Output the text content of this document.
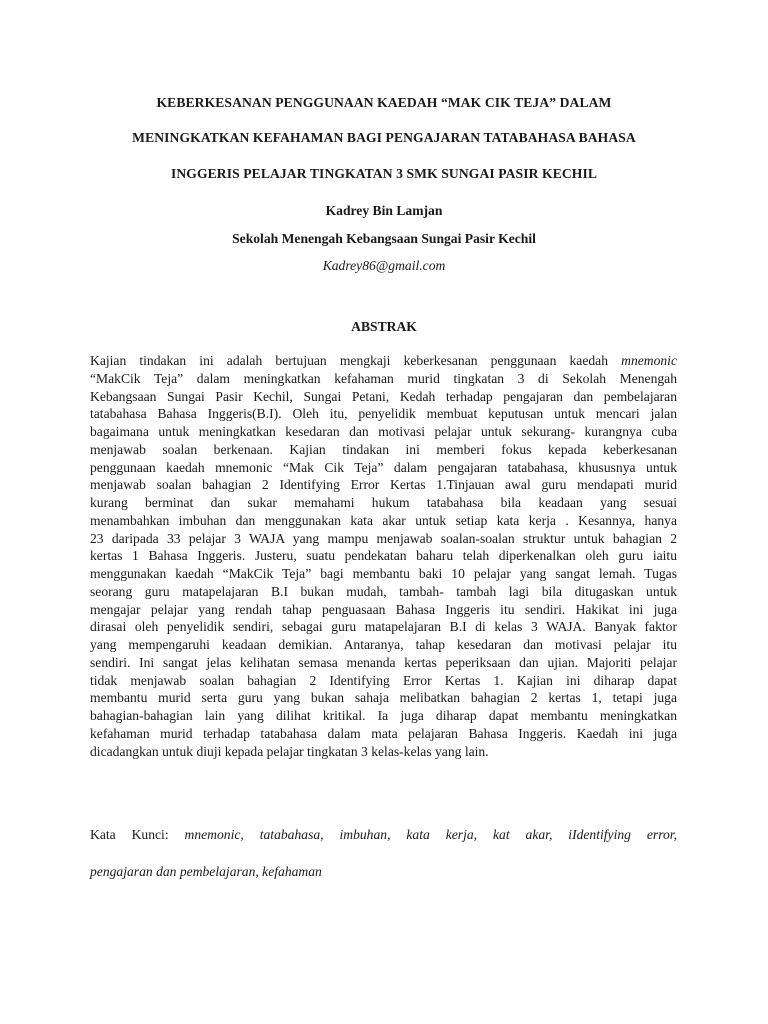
KEBERKESANAN PENGGUNAAN KAEDAH “MAK CIK TEJA” DALAM
MENINGKATKAN KEFAHAMAN BAGI PENGAJARAN TATABAHASA BAHASA
INGGERIS PELAJAR TINGKATAN 3 SMK SUNGAI PASIR KECHIL
Kadrey Bin Lamjan
Sekolah Menengah Kebangsaan Sungai Pasir Kechil
Kadrey86@gmail.com
ABSTRAK
Kajian tindakan ini adalah bertujuan mengkaji keberkesanan penggunaan kaedah mnemonic
“MakCik Teja” dalam meningkatkan kefahaman murid tingkatan 3 di Sekolah Menengah
Kebangsaan Sungai Pasir Kechil, Sungai Petani, Kedah terhadap pengajaran dan pembelajaran
tatabahasa Bahasa Inggeris(B.I). Oleh itu, penyelidik membuat keputusan untuk mencari jalan
bagaimana untuk meningkatkan kesedaran dan motivasi pelajar untuk sekurang- kurangnya cuba
menjawab soalan berkenaan. Kajian tindakan ini memberi fokus kepada keberkesanan
penggunaan kaedah mnemonic “Mak Cik Teja” dalam pengajaran tatabahasa, khususnya untuk
menjawab soalan bahagian 2 Identifying Error Kertas 1.Tinjauan awal guru mendapati murid
kurang berminat dan sukar memahami hukum tatabahasa bila keadaan yang sesuai
menambahkan imbuhan dan menggunakan kata akar untuk setiap kata kerja . Kesannya, hanya
23 daripada 33 pelajar 3 WAJA yang mampu menjawab soalan-soalan struktur untuk bahagian 2
kertas 1 Bahasa Inggeris. Justeru, suatu pendekatan baharu telah diperkenalkan oleh guru iaitu
menggunakan kaedah “MakCik Teja” bagi membantu baki 10 pelajar yang sangat lemah. Tugas
seorang guru matapelajaran B.I bukan mudah, tambah- tambah lagi bila ditugaskan untuk
mengajar pelajar yang rendah tahap penguasaan Bahasa Inggeris itu sendiri. Hakikat ini juga
dirasai oleh penyelidik sendiri, sebagai guru matapelajaran B.I di kelas 3 WAJA. Banyak faktor
yang mempengaruhi keadaan demikian. Antaranya, tahap kesedaran dan motivasi pelajar itu
sendiri. Ini sangat jelas kelihatan semasa menanda kertas peperiksaan dan ujian. Majoriti pelajar
tidak menjawab soalan bahagian 2 Identifying Error Kertas 1. Kajian ini diharap dapat
membantu murid serta guru yang bukan sahaja melibatkan bahagian 2 kertas 1, tetapi juga
bahagian-bahagian lain yang dilihat kritikal. Ia juga diharap dapat membantu meningkatkan
kefahaman murid terhadap tatabahasa dalam mata pelajaran Bahasa Inggeris. Kaedah ini juga
dicadangkan untuk diuji kepada pelajar tingkatan 3 kelas-kelas yang lain.
Kata Kunci: mnemonic, tatabahasa, imbuhan, kata kerja, kat akar, iIdentifying error,
pengajaran dan pembelajaran, kefahaman
